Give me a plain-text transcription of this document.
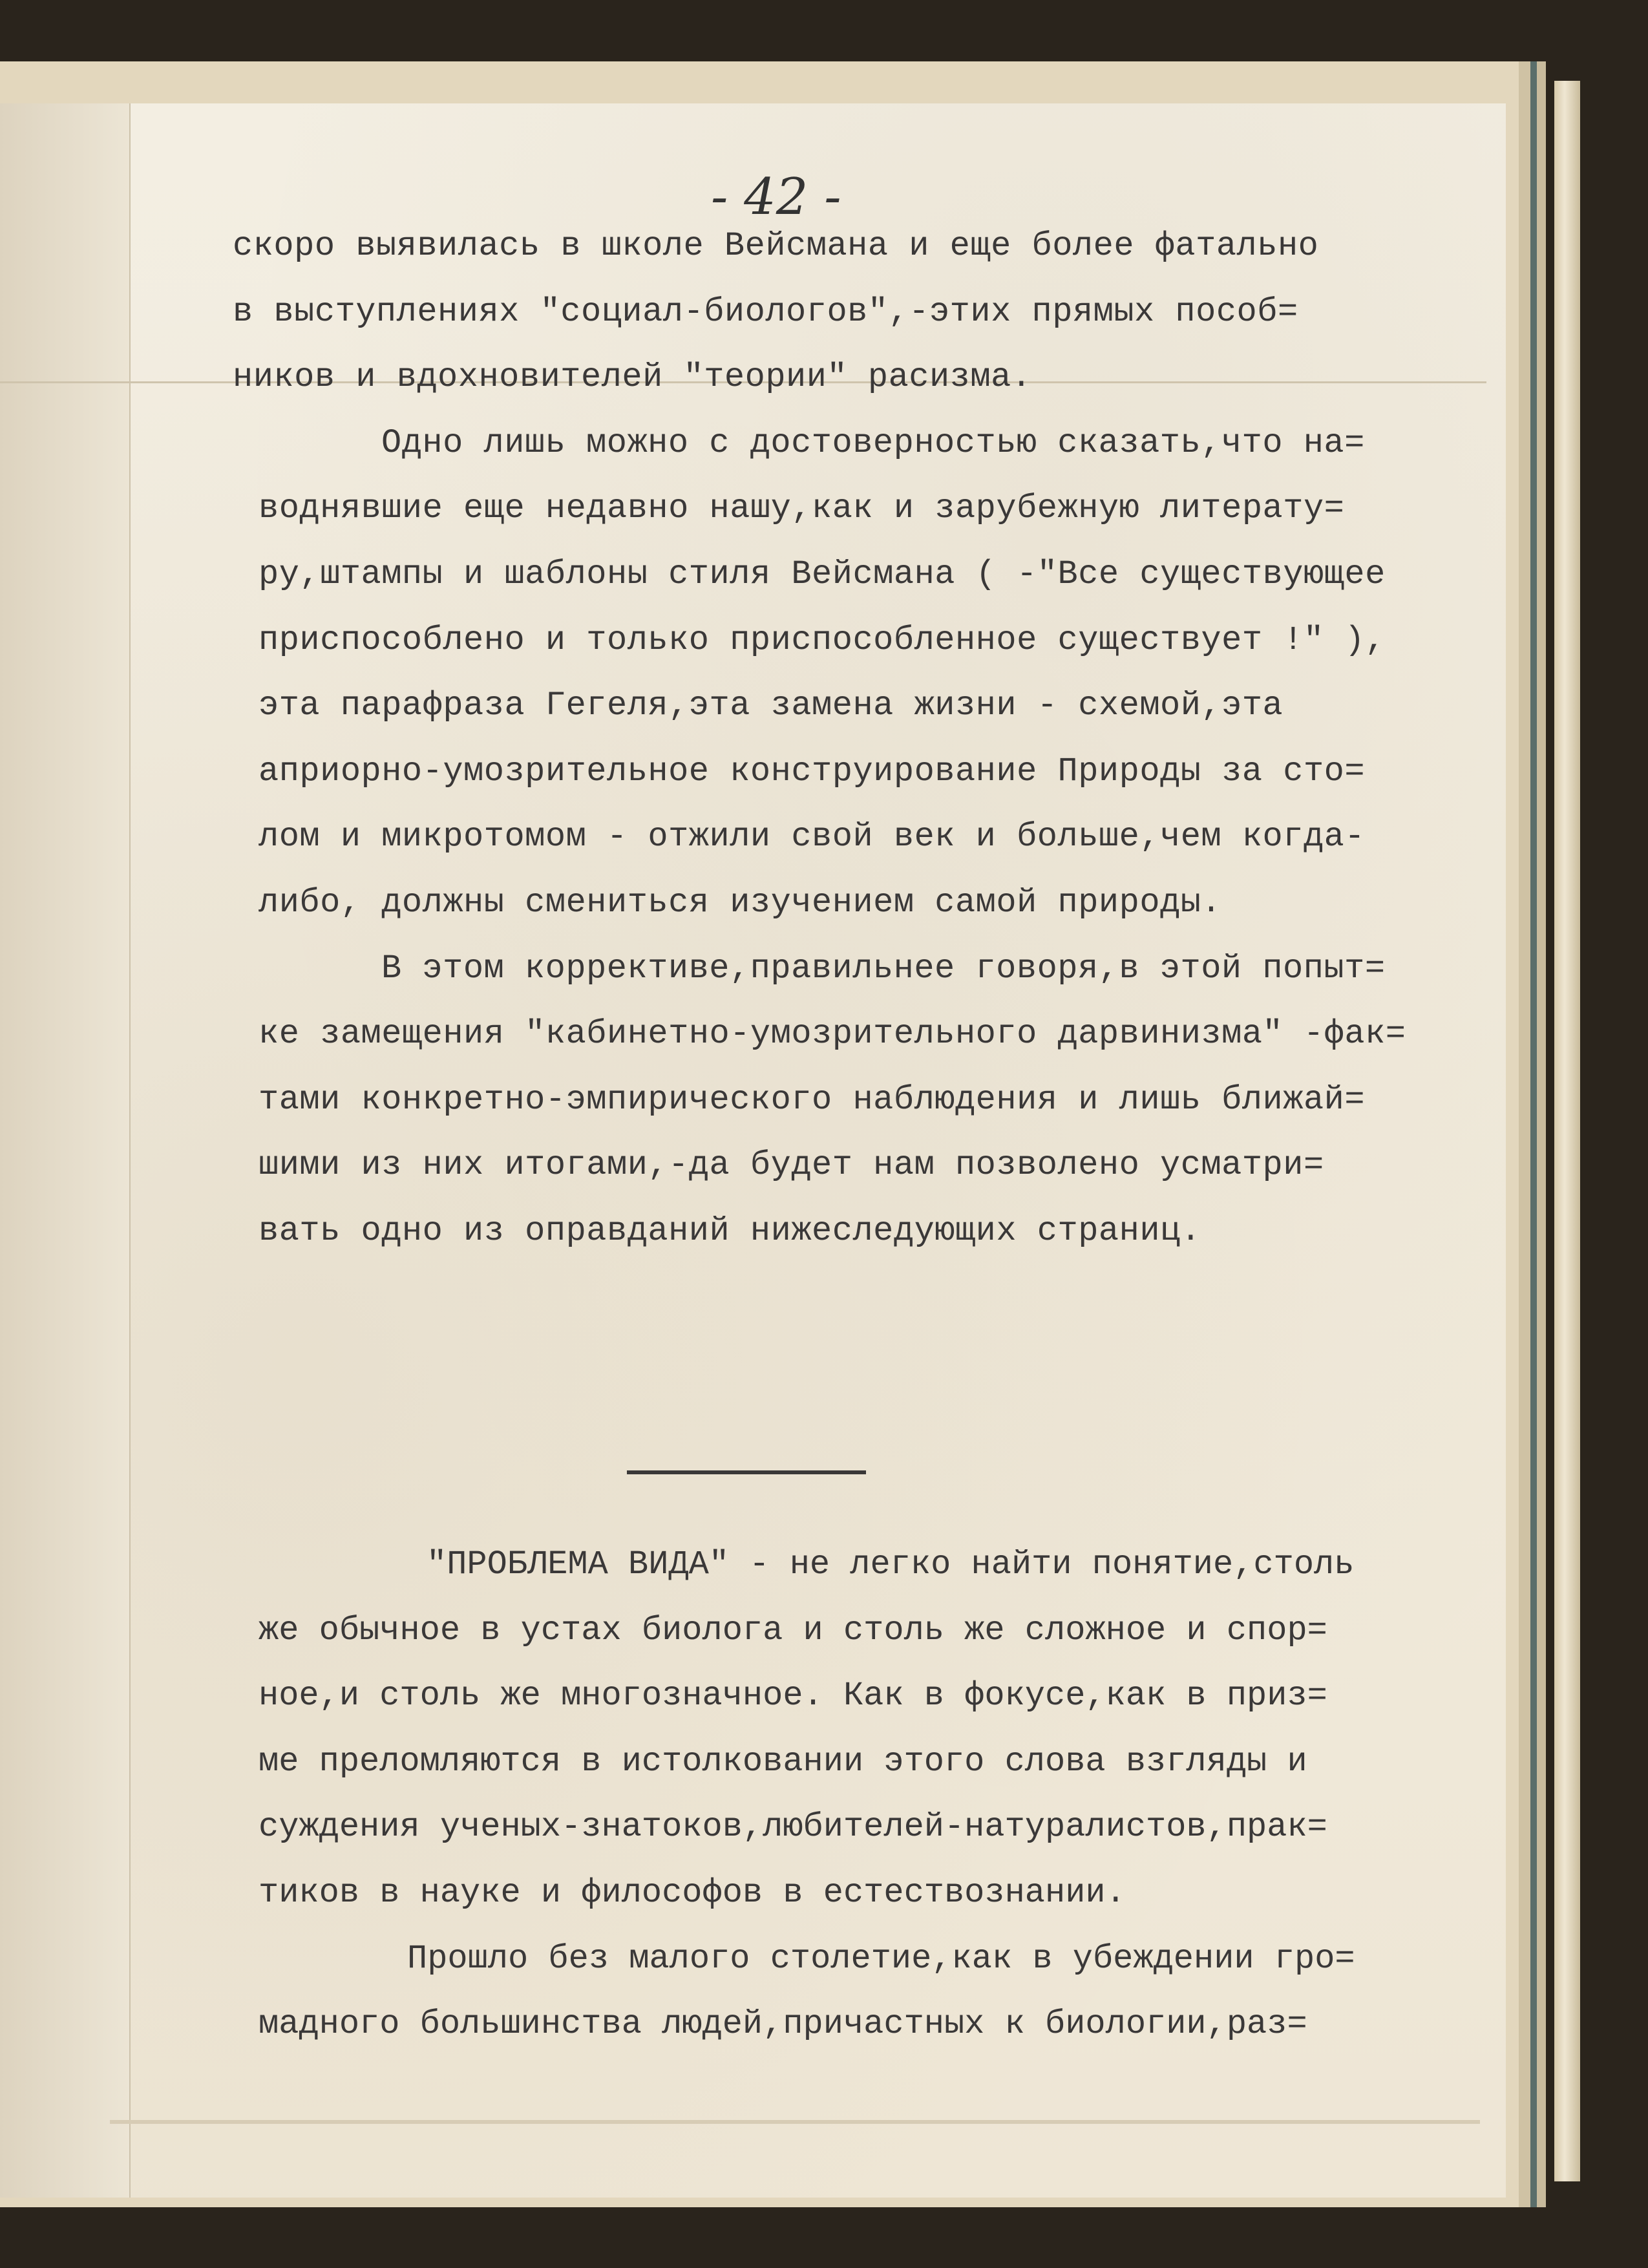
- 42 -
скоро выявилась в школе Вейсмана и еще более фатально
в выступлениях "социал-биологов",-этих прямых пособ=
ников и вдохновителей "теории" расизма.
Одно лишь можно с достоверностью сказать,что на=
воднявшие еще недавно нашу,как и зарубежную литерату=
ру,штампы и шаблоны стиля Вейсмана ( -"Все существующее
приспособлено и только приспособленное существует !" ),
эта парафраза Гегеля,эта замена жизни - схемой,эта
априорно-умозрительное конструирование Природы за сто=
лом и микротомом - отжили свой век и больше,чем когда-
либо, должны смениться изучением самой природы.
В этом коррективе,правильнее говоря,в этой попыт=
ке замещения "кабинетно-умозрительного дарвинизма" -фак=
тами конкретно-эмпирического наблюдения и лишь ближай=
шими из них итогами,-да будет нам позволено усматри=
вать одно из оправданий нижеследующих страниц.
"ПРОБЛЕМА ВИДА" - не легко найти понятие,столь
же обычное в устах биолога и столь же сложное и спор=
ное,и столь же многозначное. Как в фокусе,как в приз=
ме преломляются в истолковании этого слова взгляды и
суждения ученых-знатоков,любителей-натуралистов,прак=
тиков в науке и философов в естествознании.
Прошло без малого столетие,как в убеждении гро=
мадного большинства людей,причастных к биологии,раз=
